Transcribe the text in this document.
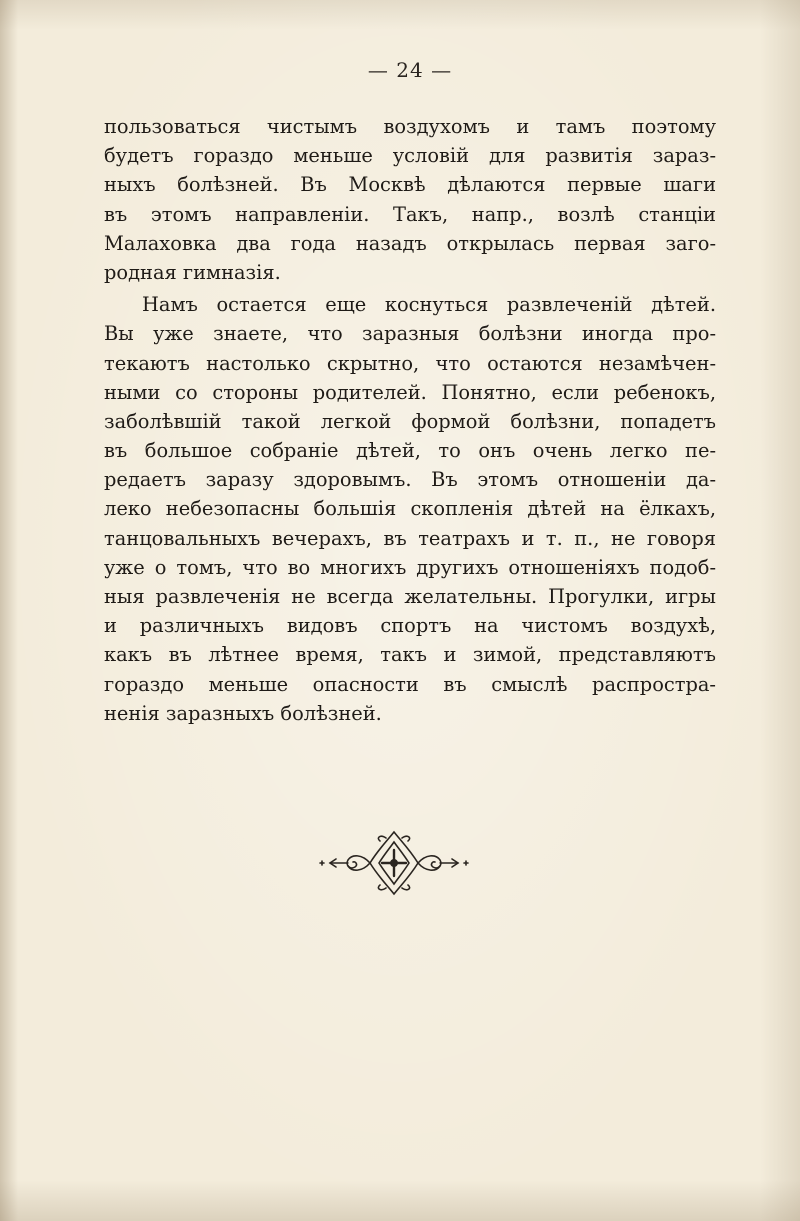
— 24 —
пользоваться чистымъ воздухомъ и тамъ поэтому
будетъ гораздо меньше условій для развитія зараз-
ныхъ болѣзней. Въ Москвѣ дѣлаются первые шаги
въ этомъ направленіи. Такъ, напр., возлѣ станціи
Малаховка два года назадъ открылась первая заго-
родная гимназія.
Намъ остается еще коснуться развлеченій дѣтей.
Вы уже знаете, что заразныя болѣзни иногда про-
текаютъ настолько скрытно, что остаются незамѣчен-
ными со стороны родителей. Понятно, если ребенокъ,
заболѣвшій такой легкой формой болѣзни, попадетъ
въ большое собраніе дѣтей, то онъ очень легко пе-
редаетъ заразу здоровымъ. Въ этомъ отношеніи да-
леко небезопасны большія скопленія дѣтей на ёлкахъ,
танцовальныхъ вечерахъ, въ театрахъ и т. п., не говоря
уже о томъ, что во многихъ другихъ отношеніяхъ подоб-
ныя развлеченія не всегда желательны. Прогулки, игры
и различныхъ видовъ спортъ на чистомъ воздухѣ,
какъ въ лѣтнее время, такъ и зимой, представляютъ
гораздо меньше опасности въ смыслѣ распростра-
ненія заразныхъ болѣзней.
